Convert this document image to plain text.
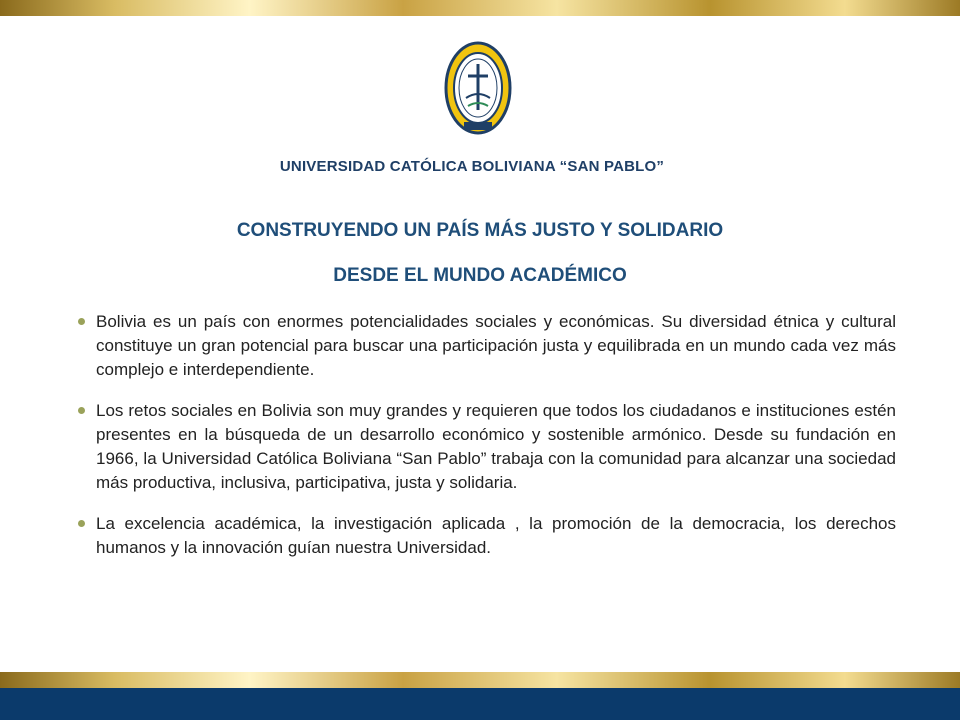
UNIVERSIDAD CATÓLICA BOLIVIANA “SAN PABLO”
CONSTRUYENDO UN PAÍS MÁS JUSTO Y SOLIDARIO
DESDE EL MUNDO ACADÉMICO
Bolivia es un país con enormes potencialidades sociales y económicas. Su diversidad étnica y cultural constituye un gran potencial para buscar una participación justa y equilibrada en un mundo cada vez más complejo e interdependiente.
Los retos sociales en Bolivia son muy grandes y requieren que todos los ciudadanos e instituciones estén presentes en la búsqueda de un desarrollo económico y sostenible armónico. Desde su fundación en 1966, la Universidad Católica Boliviana “San Pablo” trabaja con la comunidad para alcanzar una sociedad más productiva, inclusiva, participativa, justa y solidaria.
La excelencia académica, la investigación aplicada , la promoción de la democracia, los derechos humanos y la innovación guían nuestra Universidad.
